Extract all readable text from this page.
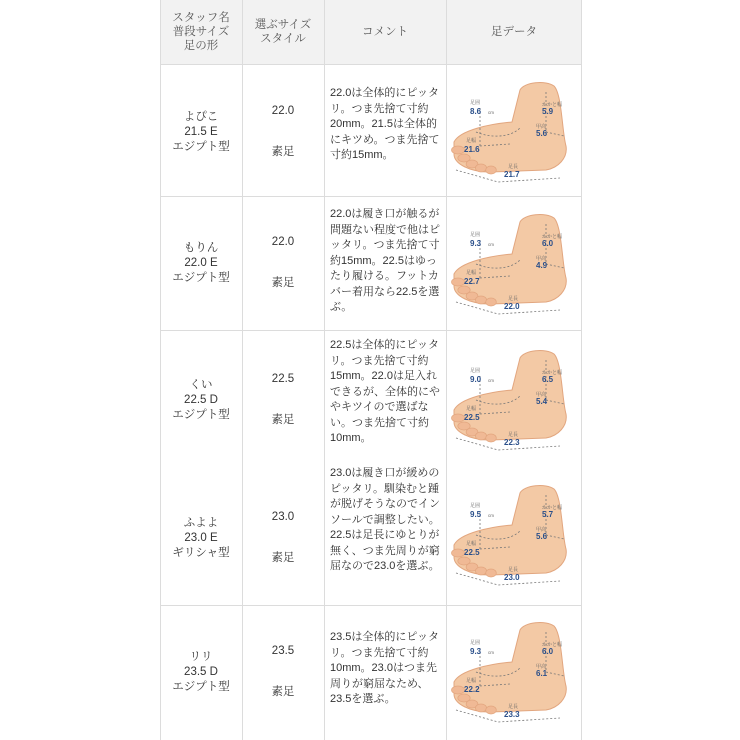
スタッフ名
普段サイズ
足の形
選ぶサイズ
スタイル
コメント	足データ
よぴこ
21.5 E
エジプト型
22.0
素足
22.0は全体的にピッタリ。つま先捨て寸約20mm。21.5は全体的にキツめ。つま先捨て寸約15mm。
足囲
8.6 cm
かかと幅
5.9
甲高
5.6
足幅
21.6
足長
21.7
もりん
22.0 E
エジプト型
22.0
素足
22.0は履き口が触るが問題ない程度で他はピッタリ。つま先捨て寸約15mm。22.5はゆったり履ける。フットカバー着用なら22.5を選ぶ。
足囲
9.3 cm
かかと幅
6.0
甲高
4.9
足幅
22.7
足長
22.0
くい
22.5 D
エジプト型
22.5
素足
22.5は全体的にピッタリ。つま先捨て寸約15mm。22.0は足入れできるが、全体的にややキツイので選ばない。つま先捨て寸約10mm。
足囲
9.0 cm
かかと幅
6.5
甲高
5.4
足幅
22.5
足長
22.3
ふよよ
23.0 E
ギリシャ型
23.0
素足
23.0は履き口が緩めのピッタリ。馴染むと踵が脱げそうなのでインソールで調整したい。22.5は足長にゆとりが無く、つま先周りが窮屈なので23.0を選ぶ。
足囲
9.5 cm
かかと幅
5.7
甲高
5.6
足幅
22.5
足長
23.0
リリ
23.5 D
エジプト型
23.5
素足
23.5は全体的にピッタリ。つま先捨て寸約10mm。23.0はつま先周りが窮屈なため、23.5を選ぶ。
足囲
9.3 cm
かかと幅
6.0
甲高
6.1
足幅
22.2
足長
23.3
